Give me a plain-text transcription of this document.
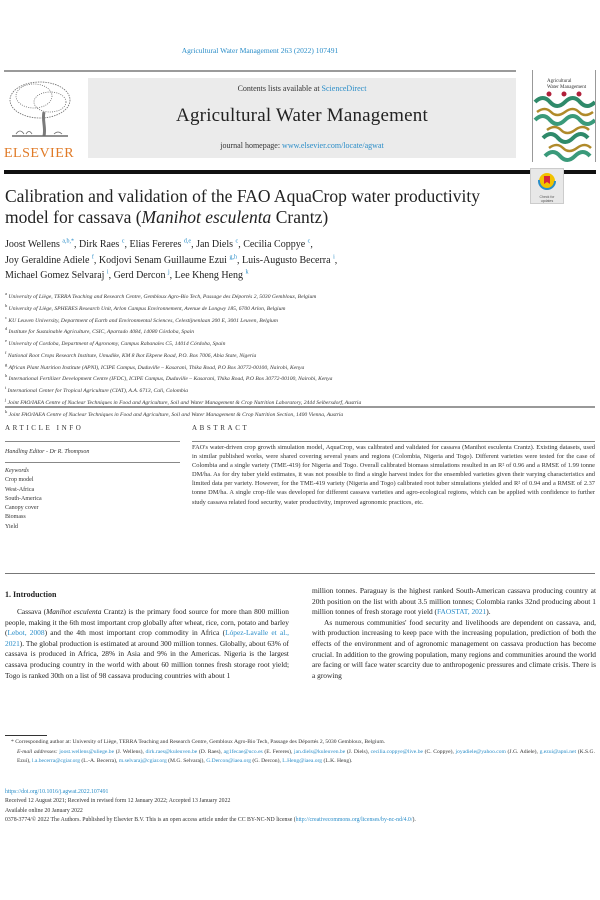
Agricultural Water Management 263 (2022) 107491
ELSEVIER
Contents lists available at ScienceDirect
Agricultural Water Management
journal homepage: www.elsevier.com/locate/agwat
Agricultural
Water Management
Check for
updates
Calibration and validation of the FAO AquaCrop water productivity model for cassava (Manihot esculenta Crantz)
Joost Wellens $^{a,b,*}$, Dirk Raes $^c$, Elias Fereres $^{d,e}$, Jan Diels $^c$, Cecilia Coppye $^c$,
Joy Geraldine Adiele $^f$, Kodjovi Senam Guillaume Ezui $^{g,h}$, Luis-Augusto Becerra $^i$,
Michael Gomez Selvaraj $^i$, Gerd Dercon $^j$, Lee Kheng Heng $^k$
$^a$ University of Liège, TERRA Teaching and Research Centre, Gembloux Agro-Bio Tech, Passage des Déportés 2, 5030 Gembloux, Belgium
$^b$ University of Liège, SPHERES Research Unit, Arlon Campus Environnement, Avenue de Longwy 185, 6700 Arlon, Belgium
$^c$ KU Leuven University, Department of Earth and Environmental Sciences, Celestijnenlaan 200 E, 3001 Leuven, Belgium
$^d$ Institute for Sustainable Agriculture, CSIC, Apartado 4084, 14080 Córdoba, Spain
$^e$ University of Cordoba, Department of Agronomy, Campus Rabanales C5, 14014 Córdoba, Spain
$^f$ National Root Crops Research Institute, Umudike, KM 8 Ikot Ekpene Road, P.O. Box 7006, Abia State, Nigeria
$^g$ African Plant Nutrition Institute (APNI), ICIPE Campus, Duduville – Kasarani, Thika Road, P.O Box 30772-00100, Nairobi, Kenya
$^h$ International Fertilizer Development Centre (IFDC), ICIPE Campus, Duduville – Kasarani, Thika Road, P.O Box 30772-00100, Nairobi, Kenya
$^i$ International Center for Tropical Agriculture (CIAT), A.A. 6713, Cali, Colombia
$^j$ Joint FAO/IAEA Centre of Nuclear Techniques in Food and Agriculture, Soil and Water Management & Crop Nutrition Laboratory, 2444 Seibersdorf, Austria
$^k$ Joint FAO/IAEA Centre of Nuclear Techniques in Food and Agriculture, Soil and Water Management & Crop Nutrition Section, 1400 Vienna, Austria
ARTICLE INFO	ABSTRACT
Handling Editor - Dr R. Thompson
Keywords
Crop model
West-Africa
South-America
Canopy cover
Biomass
Yield
FAO's water-driven crop growth simulation model, AquaCrop, was calibrated and validated for cassava (Manihot esculenta Crantz). Existing datasets, used in similar published works, were shared covering several years and regions (Colombia, Nigeria and Togo). Different varieties were tested for the case of Colombia and a single variety (TME-419) for Nigeria and Togo. Overall calibrated biomass simulations resulted in an R² of 0.96 and a RMSE of 1.99 tonne DM/ha. As for dry tuber yield estimates, it was not possible to find a single harvest index for the ensembled varieties given their varying characteristics and limited data per variety. However, for the TME-419 variety (Nigeria and Togo) calibrated root tuber simulations yielded and R² of 0.94 and a RMSE of 2.37 tonne DM/ha. A single crop-file was developed for different cassava varieties and agro-ecological regions, which can be applied with confidence to further study cassava related food security, water productivity, improved agronomic practices, etc.
1. Introduction

Cassava (Manihot esculenta Crantz) is the primary food source for more than 800 million people, making it the 6th most important crop globally after wheat, rice, corn, potato and barley (Lebot, 2008) and the 4th most important crop commodity in Africa (López-Lavalle et al., 2021). The global production is estimated at around 300 million tonnes. Globally, about 63% of cassava is produced in Africa, 28% in Asia and 9% in the Americas. Nigeria is the largest cassava producing country in the world with about 60 million tonnes fresh storage root yield; Togo is ranked 30th on a list of 98 cassava producing countries with about 1

million tonnes. Paraguay is the highest ranked South-American cassava producing country at 20th position on the list with about 3.5 million tonnes; Colombia ranks 32nd producing about 1 million tonnes of fresh storage root yield (FAOSTAT, 2021).

As numerous communities' food security and livelihoods are dependent on cassava, and, with production increasing to keep pace with the increasing population, prediction of both the effects of the environment and of agronomic management on cassava production has become crucial. In addition to the growing population, many regions and communities around the world are facing or will face water scarcity due to anthropogenic pressures and climate crisis. There is a growing

* Corresponding author at: University of Liège, TERRA Teaching and Research Centre, Gembloux Agro-Bio Tech, Passage des Déportés 2, 5030 Gembloux, Belgium.
E-mail addresses: joost.wellens@uliege.be (J. Wellens), dirk.raes@kuleuven.be (D. Raes), ag1fecae@uco.es (E. Fereres), jan.diels@kuleuven.be (J. Diels), cecilia.coppye@live.be (C. Coppye), joyadiele@yahoo.com (J.G. Adiele), g.ezui@apni.net (K.S.G. Ezui), l.a.becerra@cgiar.org (L.-A. Becerra), m.selvaraj@cgiar.org (M.G. Selvaraj), G.Dercon@iaea.org (G. Dercon), L.Heng@iaea.org (L.K. Heng).
https://doi.org/10.1016/j.agwat.2022.107491
Received 12 August 2021; Received in revised form 12 January 2022; Accepted 13 January 2022
Available online 20 January 2022
0378-3774/© 2022 The Authors. Published by Elsevier B.V. This is an open access article under the CC BY-NC-ND license (http://creativecommons.org/licenses/by-nc-nd/4.0/).
